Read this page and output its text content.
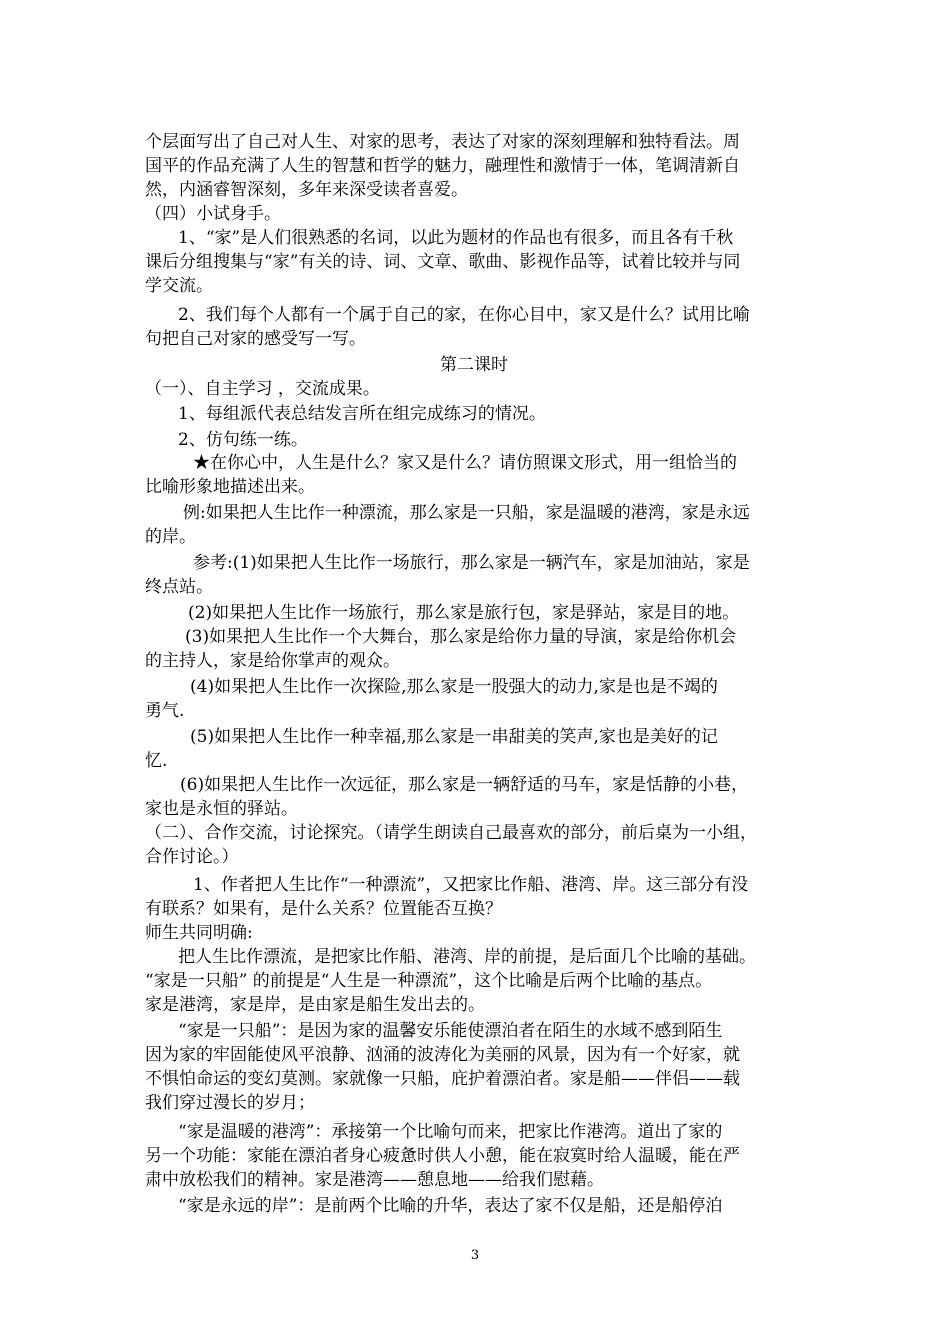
个层面写出了自己对人生、对家的思考，表达了对家的深刻理解和独特看法。周
国平的作品充满了人生的智慧和哲学的魅力，融理性和激情于一体，笔调清新自
然，内涵睿智深刻，多年来深受读者喜爱。
（四）小试身手。
1、“家”是人们很熟悉的名词，以此为题材的作品也有很多，而且各有千秋
课后分组搜集与“家”有关的诗、词、文章、歌曲、影视作品等，试着比较并与同
学交流。
2、我们每个人都有一个属于自己的家，在你心目中，家又是什么？试用比喻
句把自己对家的感受写一写。
第二课时
（一）、自主学习 ，交流成果。
1、每组派代表总结发言所在组完成练习的情况。
2、仿句练一练。
★在你心中，人生是什么？家又是什么？请仿照课文形式，用一组恰当的
比喻形象地描述出来。
例:如果把人生比作一种漂流，那么家是一只船，家是温暖的港湾，家是永远
的岸。
参考:(1)如果把人生比作一场旅行，那么家是一辆汽车，家是加油站，家是
终点站。
(2)如果把人生比作一场旅行，那么家是旅行包，家是驿站，家是目的地。
(3)如果把人生比作一个大舞台，那么家是给你力量的导演，家是给你机会
的主持人，家是给你掌声的观众。
(4)如果把人生比作一次探险,那么家是一股强大的动力,家是也是不竭的
勇气.
(5)如果把人生比作一种幸福,那么家是一串甜美的笑声,家也是美好的记
忆.
(6)如果把人生比作一次远征，那么家是一辆舒适的马车，家是恬静的小巷，
家也是永恒的驿站。
（二）、合作交流，讨论探究。（请学生朗读自己最喜欢的部分，前后桌为一小组，
合作讨论。）
1、作者把人生比作“一种漂流”，又把家比作船、港湾、岸。这三部分有没
有联系？如果有，是什么关系？位置能否互换？
师生共同明确:
把人生比作漂流，是把家比作船、港湾、岸的前提，是后面几个比喻的基础。
“家是一只船” 的前提是“人生是一种漂流”，这个比喻是后两个比喻的基点。
家是港湾，家是岸，是由家是船生发出去的。
“家是一只船”：是因为家的温馨安乐能使漂泊者在陌生的水域不感到陌生
因为家的牢固能使风平浪静、汹涌的波涛化为美丽的风景，因为有一个好家，就
不惧怕命运的变幻莫测。家就像一只船，庇护着漂泊者。家是船——伴侣——载
我们穿过漫长的岁月；
“家是温暖的港湾”：承接第一个比喻句而来，把家比作港湾。道出了家的
另一个功能：家能在漂泊者身心疲惫时供人小憩，能在寂寞时给人温暖，能在严
肃中放松我们的精神。家是港湾——憩息地——给我们慰藉。
“家是永远的岸”：是前两个比喻的升华，表达了家不仅是船，还是船停泊
3
